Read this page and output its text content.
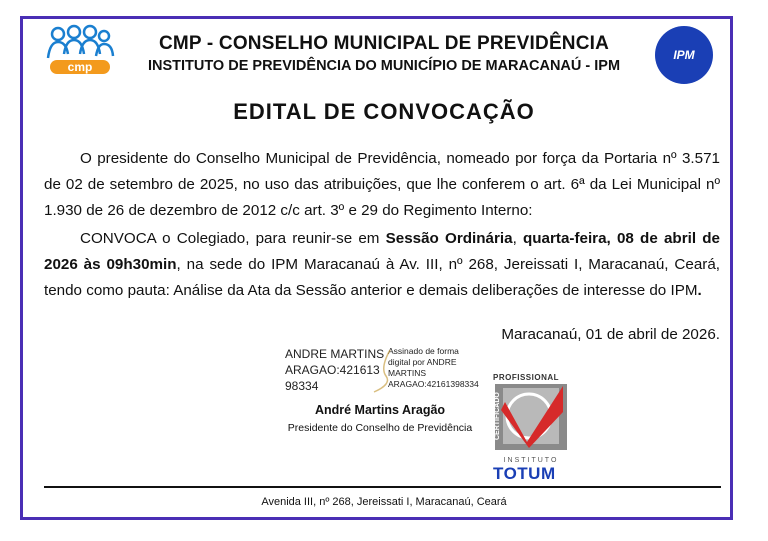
cmp
IPM
CMP - CONSELHO MUNICIPAL DE PREVIDÊNCIA
INSTITUTO DE PREVIDÊNCIA DO MUNICÍPIO DE MARACANAÚ - IPM
EDITAL DE CONVOCAÇÃO
O presidente do Conselho Municipal de Previdência, nomeado por força da Portaria nº 3.571 de 02 de setembro de 2025, no uso das atribuições, que lhe conferem o art. 6ª da Lei Municipal nº 1.930 de 26 de dezembro de 2012 c/c art. 3º e 29 do Regimento Interno:
CONVOCA o Colegiado, para reunir-se em Sessão Ordinária, quarta-feira, 08 de abril de 2026 às 09h30min, na sede do IPM Maracanaú à Av. III, nº 268, Jereissati I, Maracanaú, Ceará, tendo como pauta: Análise da Ata da Sessão anterior e demais deliberações de interesse do IPM.
Maracanaú, 01 de abril de 2026.
ANDRE MARTINS
ARAGAO:421613
98334
Assinado de forma
digital por ANDRE
MARTINS
ARAGAO:42161398334
André Martins Aragão
Presidente do Conselho de Previdência
PROFISSIONAL
CERTIFICADO
INSTITUTO
TOTUM
Avenida III, nº 268, Jereissati I, Maracanaú, Ceará
